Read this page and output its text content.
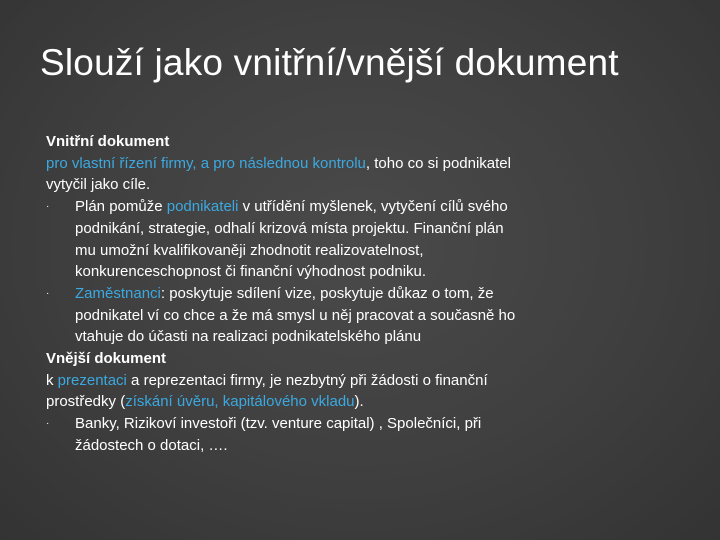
Slouží jako vnitřní/vnější dokument
Vnitřní dokument
pro vlastní řízení firmy, a pro následnou kontrolu, toho co si podnikatel
vytyčil jako cíle.
· Plán pomůže podnikateli v utřídění myšlenek, vytyčení cílů svého
podnikání, strategie, odhalí krizová místa projektu. Finanční plán
mu umožní kvalifikovaněji zhodnotit realizovatelnost,
konkurenceschopnost či finanční výhodnost podniku.
· Zaměstnanci: poskytuje sdílení vize, poskytuje důkaz o tom, že
podnikatel ví co chce a že má smysl u něj pracovat a současně ho
vtahuje do účasti na realizaci podnikatelského plánu
Vnější dokument
k prezentaci a reprezentaci firmy, je nezbytný při žádosti o finanční
prostředky (získání úvěru, kapitálového vkladu).
· Banky, Rizikoví investoři (tzv. venture capital) , Společníci, při
žádostech o dotaci, ….
